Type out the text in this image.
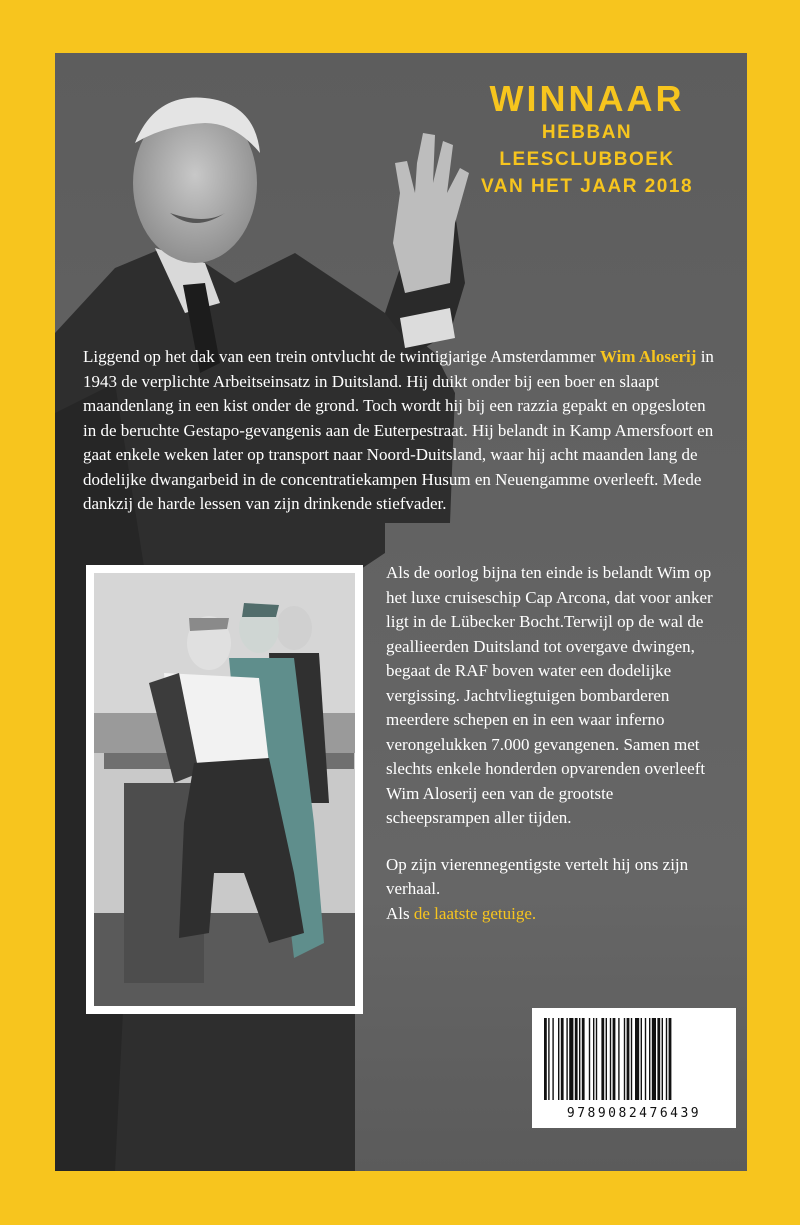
WINNAAR
HEBBAN
LEESCLUBBOEK
VAN HET JAAR 2018
Liggend op het dak van een trein ontvlucht de twintigjarige Amsterdammer Wim Aloserij in 1943 de verplichte Arbeitseinsatz in Duitsland. Hij duikt onder bij een boer en slaapt maandenlang in een kist onder de grond. Toch wordt hij bij een razzia gepakt en opgesloten in de beruchte Gestapo-gevangenis aan de Euterpestraat. Hij belandt in Kamp Amersfoort en gaat enkele weken later op transport naar Noord-Duitsland, waar hij acht maanden lang de dodelijke dwangarbeid in de concentratiekampen Husum en Neuengamme overleeft. Mede dankzij de harde lessen van zijn drinkende stiefvader.

Als de oorlog bijna ten einde is belandt Wim op het luxe cruiseschip Cap Arcona, dat voor anker ligt in de Lübecker Bocht.Terwijl op de wal de geallieerden Duitsland tot overgave dwingen, begaat de RAF boven water een dodelijke vergissing. Jachtvliegtuigen bombarderen meerdere schepen en in een waar inferno verongelukken 7.000 gevangenen. Samen met slechts enkele honderden opvarenden overleeft Wim Aloserij een van de grootste scheepsrampen aller tijden.

Op zijn vierennegentigste vertelt hij ons zijn verhaal.
Als de laatste getuige.

9789082476439
